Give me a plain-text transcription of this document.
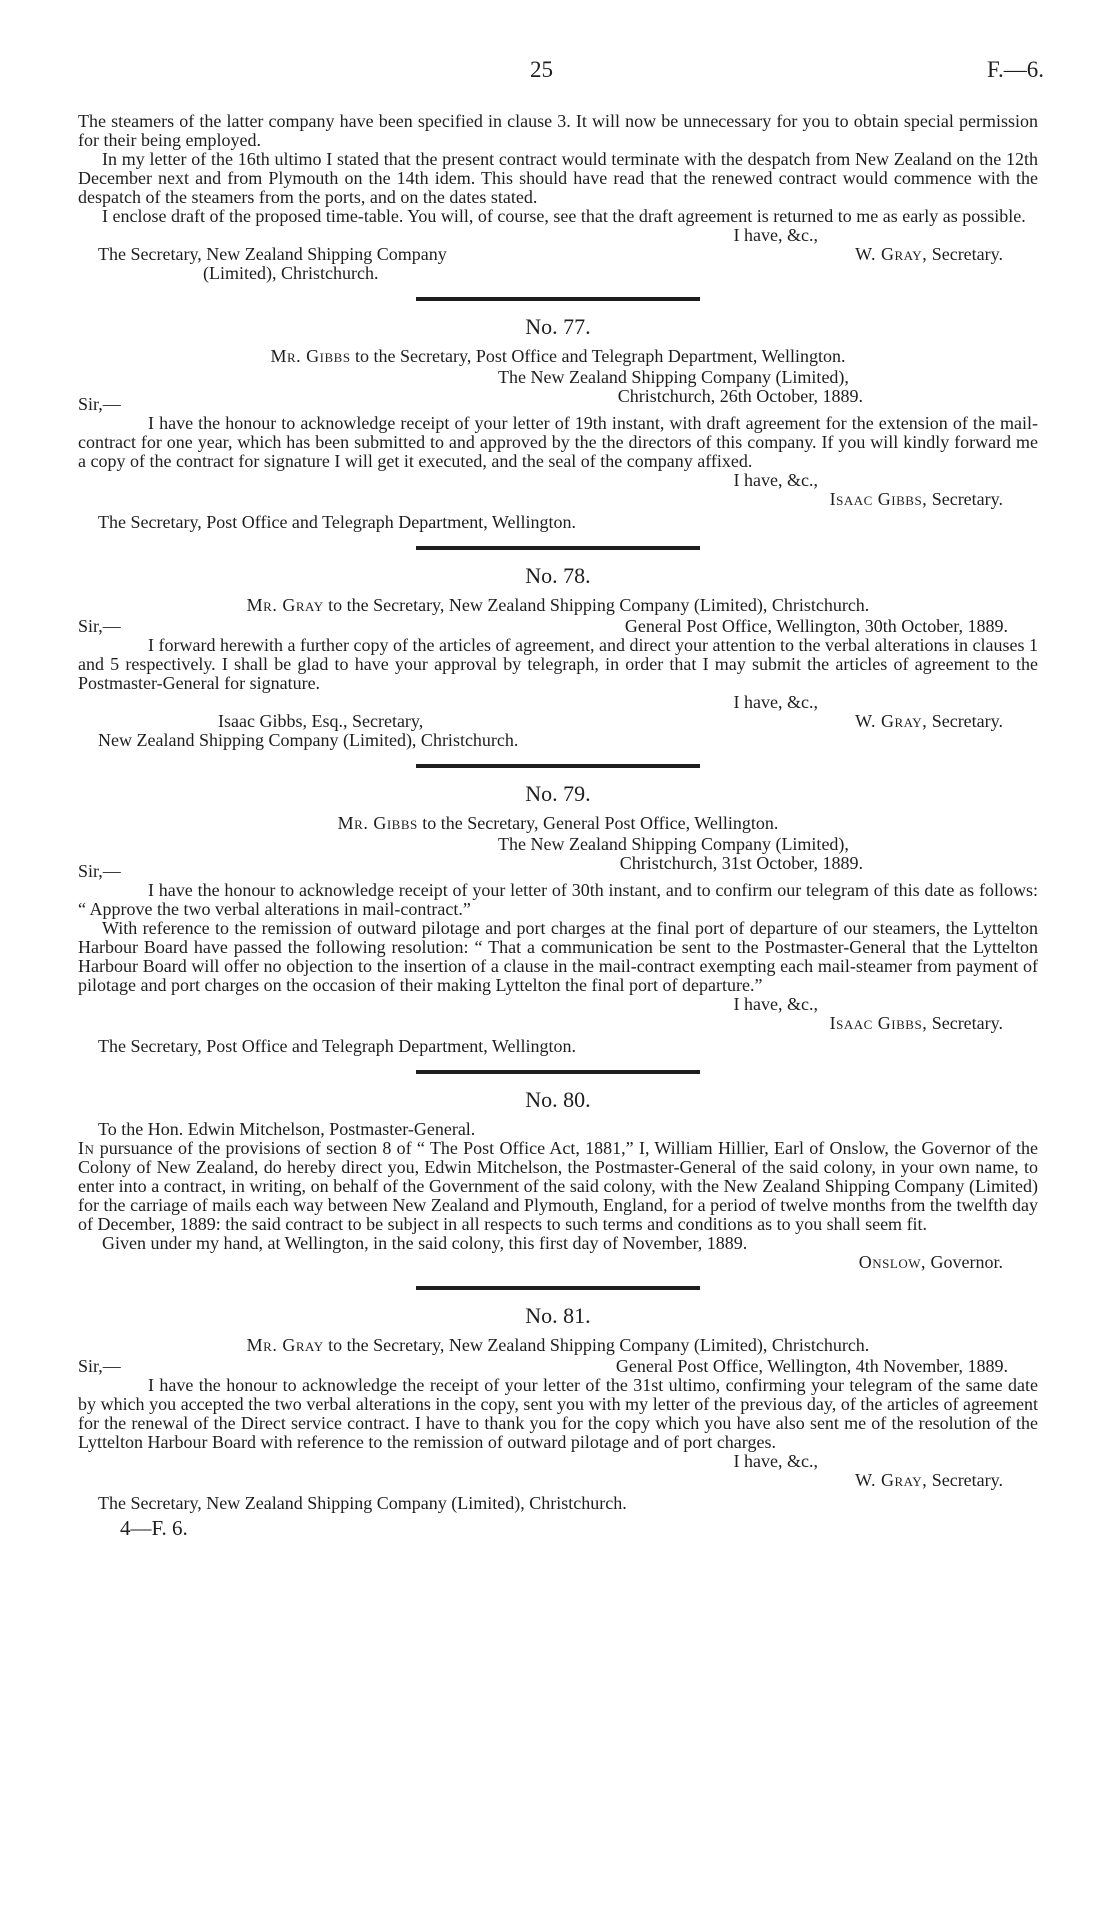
25	F.—6.

The steamers of the latter company have been specified in clause 3. It will now be unnecessary for you to obtain special permission for their being employed.

In my letter of the 16th ultimo I stated that the present contract would terminate with the despatch from New Zealand on the 12th December next and from Plymouth on the 14th idem. This should have read that the renewed contract would commence with the despatch of the steamers from the ports, and on the dates stated.

I enclose draft of the proposed time-table. You will, of course, see that the draft agreement is returned to me as early as possible.

I have, &c.,
The Secretary, New Zealand Shipping Company
(Limited), Christchurch.
W. Gray, Secretary.
No. 77.
Mr. Gibbs to the Secretary, Post Office and Telegraph Department, Wellington.
The New Zealand Shipping Company (Limited),
Sir,—	Christchurch, 26th October, 1889.

I have the honour to acknowledge receipt of your letter of 19th instant, with draft agreement for the extension of the mail-contract for one year, which has been submitted to and approved by the the directors of this company. If you will kindly forward me a copy of the contract for signature I will get it executed, and the seal of the company affixed.

I have, &c.,
Isaac Gibbs, Secretary.
The Secretary, Post Office and Telegraph Department, Wellington.
No. 78.
Mr. Gray to the Secretary, New Zealand Shipping Company (Limited), Christchurch.
Sir,—	General Post Office, Wellington, 30th October, 1889.

I forward herewith a further copy of the articles of agreement, and direct your attention to the verbal alterations in clauses 1 and 5 respectively. I shall be glad to have your approval by telegraph, in order that I may submit the articles of agreement to the Postmaster-General for signature.

I have, &c.,
Isaac Gibbs, Esq., Secretary,
New Zealand Shipping Company (Limited), Christchurch.
W. Gray, Secretary.
No. 79.
Mr. Gibbs to the Secretary, General Post Office, Wellington.
The New Zealand Shipping Company (Limited),
Sir,—	Christchurch, 31st October, 1889.

I have the honour to acknowledge receipt of your letter of 30th instant, and to confirm our telegram of this date as follows: “ Approve the two verbal alterations in mail-contract.”

With reference to the remission of outward pilotage and port charges at the final port of departure of our steamers, the Lyttelton Harbour Board have passed the following resolution: “ That a communication be sent to the Postmaster-General that the Lyttelton Harbour Board will offer no objection to the insertion of a clause in the mail-contract exempting each mail-steamer from payment of pilotage and port charges on the occasion of their making Lyttelton the final port of departure.”

I have, &c.,
Isaac Gibbs, Secretary.
The Secretary, Post Office and Telegraph Department, Wellington.
No. 80.
To the Hon. Edwin Mitchelson, Postmaster-General.

In pursuance of the provisions of section 8 of “ The Post Office Act, 1881,” I, William Hillier, Earl of Onslow, the Governor of the Colony of New Zealand, do hereby direct you, Edwin Mitchelson, the Postmaster-General of the said colony, in your own name, to enter into a contract, in writing, on behalf of the Government of the said colony, with the New Zealand Shipping Company (Limited) for the carriage of mails each way between New Zealand and Plymouth, England, for a period of twelve months from the twelfth day of December, 1889: the said contract to be subject in all respects to such terms and conditions as to you shall seem fit.

Given under my hand, at Wellington, in the said colony, this first day of November, 1889.

Onslow, Governor.
No. 81.
Mr. Gray to the Secretary, New Zealand Shipping Company (Limited), Christchurch.
Sir,—	General Post Office, Wellington, 4th November, 1889.

I have the honour to acknowledge the receipt of your letter of the 31st ultimo, confirming your telegram of the same date by which you accepted the two verbal alterations in the copy, sent you with my letter of the previous day, of the articles of agreement for the renewal of the Direct service contract. I have to thank you for the copy which you have also sent me of the resolution of the Lyttelton Harbour Board with reference to the remission of outward pilotage and of port charges.

I have, &c.,
W. Gray, Secretary.
The Secretary, New Zealand Shipping Company (Limited), Christchurch.
4—F. 6.
